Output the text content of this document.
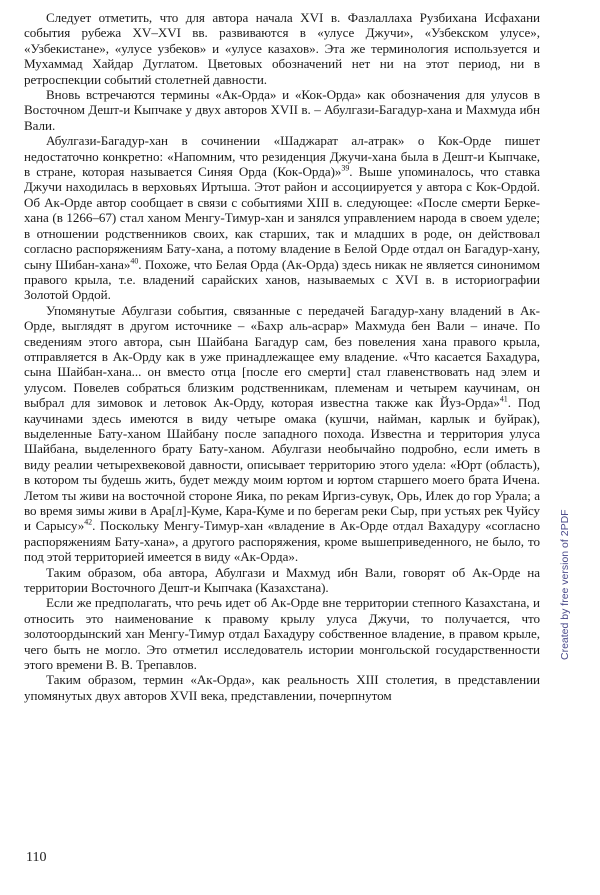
Следует отметить, что для автора начала XVI в. Фазлаллаха Рузбихана Исфахани события рубежа XV–XVI вв. развиваются в «улусе Джучи», «Узбекском улусе», «Узбекистане», «улусе узбеков» и «улусе казахов». Эта же терминология используется и Мухаммад Хайдар Дуглатом. Цветовых обозначений нет ни на этот период, ни в ретроспекции событий столетней давности.

Вновь встречаются термины «Ак-Орда» и «Кок-Орда» как обозначения для улусов в Восточном Дешт-и Кыпчаке у двух авторов XVII в. – Абулгази-Багадур-хана и Махмуда ибн Вали.

Абулгази-Багадур-хан в сочинении «Шаджарат ал-атрак» о Кок-Орде пишет недостаточно конкретно: «Напомним, что резиденция Джучи-хана была в Дешт-и Кыпчаке, в стране, которая называется Синяя Орда (Кок-Орда)»$^{39}$. Выше упоминалось, что ставка Джучи находилась в верховьях Иртыша. Этот район и ассоциируется у автора с Кок-Ордой. Об Ак-Орде автор сообщает в связи с событиями XIII в. следующее: «После смерти Берке-хана (в 1266–67) стал ханом Менгу-Тимур-хан и занялся управлением народа в своем уделе; в отношении родственников своих, как старших, так и младших в роде, он действовал согласно распоряжениям Бату-хана, а потому владение в Белой Орде отдал он Багадур-хану, сыну Шибан-хана»$^{40}$. Похоже, что Белая Орда (Ак-Орда) здесь никак не является синонимом правого крыла, т.е. владений сарайских ханов, называемых с XVI в. в историографии Золотой Ордой.

Упомянутые Абулгази события, связанные с передачей Багадур-хану владений в Ак-Орде, выглядят в другом источнике – «Бахр аль-асрар» Махмуда бен Вали – иначе. По сведениям этого автора, сын Шайбана Багадур сам, без повеления хана правого крыла, отправляется в Ак-Орду как в уже принадлежащее ему владение. «Что касается Бахадура, сына Шайбан-хана... он вместо отца [после его смерти] стал главенствовать над элем и улусом. Повелев собраться близким родственникам, племенам и четырем каучинам, он выбрал для зимовок и летовок Ак-Орду, которая известна также как Йуз-Орда»$^{41}$. Под каучинами здесь имеются в виду четыре омака (кушчи, найман, карлык и буйрак), выделенные Бату-ханом Шайбану после западного похода. Известна и территория улуса Шайбана, выделенного брату Бату-ханом. Абулгази необычайно подробно, если иметь в виду реалии четырехвековой давности, описывает территорию этого удела: «Юрт (область), в котором ты будешь жить, будет между моим юртом и юртом старшего моего брата Ичена. Летом ты живи на восточной стороне Яика, по рекам Иргиз-сувук, Орь, Илек до гор Урала; а во время зимы живи в Ара[л]-Куме, Кара-Куме и по берегам реки Сыр, при устьях рек Чуйсу и Сарысу»$^{42}$. Поскольку Менгу-Тимур-хан «владение в Ак-Орде отдал Вахадуру «согласно распоряжениям Бату-хана», а другого распоряжения, кроме вышеприведенного, не было, то под этой территорией имеется в виду «Ак-Орда».

Таким образом, оба автора, Абулгази и Махмуд ибн Вали, говорят об Ак-Орде на территории Восточного Дешт-и Кыпчака (Казахстана).

Если же предполагать, что речь идет об Ак-Орде вне территории степного Казахстана, и относить это наименование к правому крылу улуса Джучи, то получается, что золотоордынский хан Менгу-Тимур отдал Бахадуру собственное владение, в правом крыле, чего быть не могло. Это отметил исследователь истории монгольской государственности этого времени В. В. Трепавлов.

Таким образом, термин «Ак-Орда», как реальность XIII столетия, в представлении упомянутых двух авторов XVII века, представлении, почерпнутом

110
Created by free version of 2PDF
